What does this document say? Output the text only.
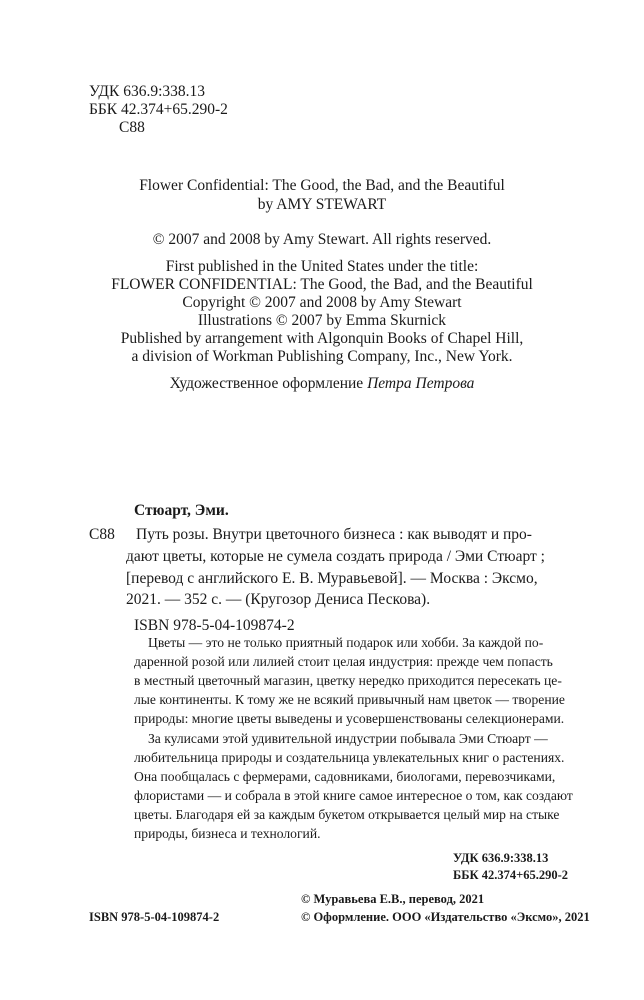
УДК 636.9:338.13
ББК 42.374+65.290-2
С88
Flower Confidential: The Good, the Bad, and the Beautiful
by AMY STEWART
© 2007 and 2008 by Amy Stewart. All rights reserved.
First published in the United States under the title:
FLOWER CONFIDENTIAL: The Good, the Bad, and the Beautiful
Copyright © 2007 and 2008 by Amy Stewart
Illustrations © 2007 by Emma Skurnick
Published by arrangement with Algonquin Books of Chapel Hill,
a division of Workman Publishing Company, Inc., New York.
Художественное оформление Петра Петрова
Стюарт, Эми.
С88 Путь розы. Внутри цветочного бизнеса : как выводят и про-
дают цветы, которые не сумела создать природа / Эми Стюарт ;
[перевод с английского Е. В. Муравьевой]. — Москва : Эксмо,
2021. — 352 с. — (Кругозор Дениса Пескова).
ISBN 978-5-04-109874-2
Цветы — это не только приятный подарок или хобби. За каждой по-
даренной розой или лилией стоит целая индустрия: прежде чем попасть
в местный цветочный магазин, цветку нередко приходится пересекать це-
лые континенты. К тому же не всякий привычный нам цветок — творение
природы: многие цветы выведены и усовершенствованы селекционерами.
За кулисами этой удивительной индустрии побывала Эми Стюарт —
любительница природы и создательница увлекательных книг о растениях.
Она пообщалась с фермерами, садовниками, биологами, перевозчиками,
флористами — и собрала в этой книге самое интересное о том, как создают
цветы. Благодаря ей за каждым букетом открывается целый мир на стыке
природы, бизнеса и технологий.
УДК 636.9:338.13
ББК 42.374+65.290-2
ISBN 978-5-04-109874-2
© Муравьева Е.В., перевод, 2021
© Оформление. ООО «Издательство «Эксмо», 2021
